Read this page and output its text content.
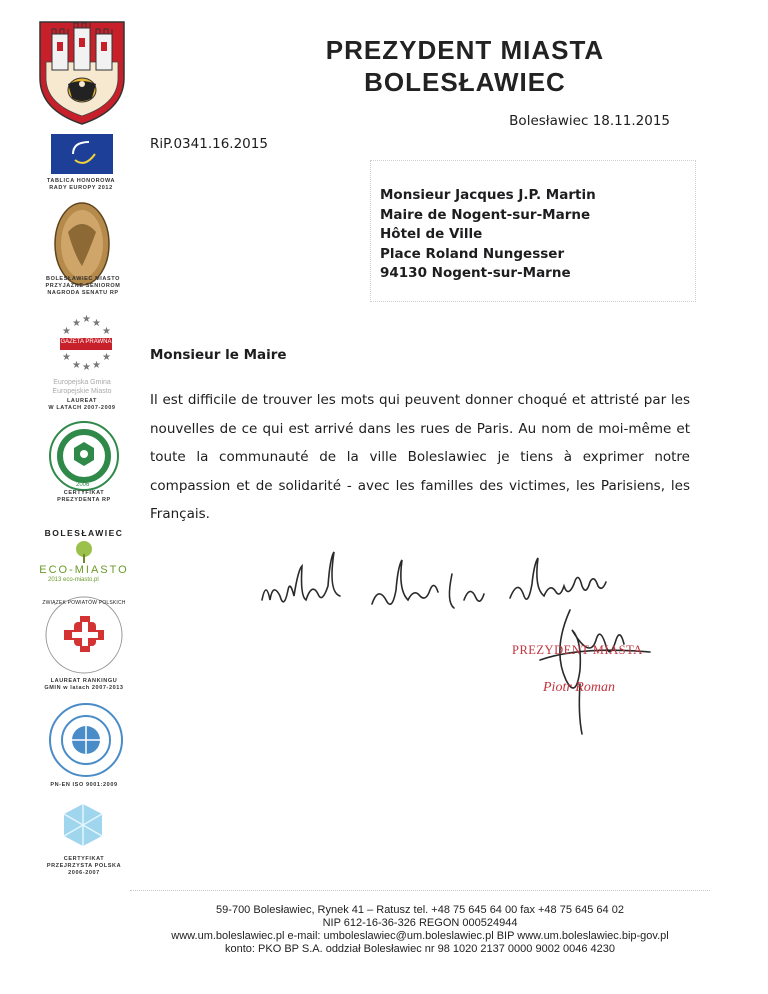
PREZYDENT MIASTA
BOLESŁAWIEC
Bolesławiec 18.11.2015
RiP.0341.16.2015
Monsieur Jacques J.P. Martin
Maire de Nogent-sur-Marne
Hôtel de Ville
Place Roland Nungesser
94130 Nogent-sur-Marne
Monsieur le Maire
Il est difficile de trouver les mots qui peuvent donner choqué et attristé par les nouvelles de ce qui est arrivé dans les rues de Paris. Au nom de moi-même et toute la communauté de la ville Boleslawiec je tiens à exprimer notre compassion et de solidarité - avec les familles des victimes, les Parisiens, les Français.
PREZYDENT MIASTA
Piotr Roman
TABLICA HONOROWA
RADY EUROPY 2012
BOLESŁAWIEC MIASTO
PRZYJAZNE SENIOROM
NAGRODA SENATU RP
★
★ ★
★	★
★	★
★ ★
★
GAZETA PRAWNA
Europejska Gmina
Europejskie Miasto
LAUREAT
W LATACH 2007-2009
2006
CERTYFIKAT
PREZYDENTA RP
BOLESŁAWIEC
ECO-MIASTO
2013 eco-miasto.pl
ZWIĄZEK POWIATÓW POLSKICH
LAUREAT RANKINGU
GMIN w latach 2007-2013
PN-EN ISO 9001:2009
CERTYFIKAT
PRZEJRZYSTA POLSKA
2006-2007
59-700 Bolesławiec, Rynek 41 – Ratusz tel. +48 75 645 64 00 fax +48 75 645 64 02
NIP 612-16-36-326 REGON 000524944
www.um.boleslawiec.pl e-mail: umboleslawiec@um.boleslawiec.pl BIP www.um.boleslawiec.bip-gov.pl
konto: PKO BP S.A. oddział Bolesławiec nr 98 1020 2137 0000 9002 0046 4230
